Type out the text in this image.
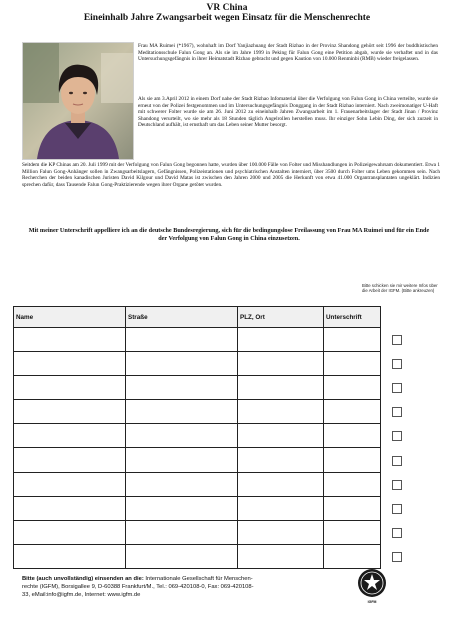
VR China
Eineinhalb Jahre Zwangsarbeit wegen Einsatz für die Menschenrechte
Frau MA Ruimei (*1967), wohnhaft im Dorf Yanjiazhuang der Stadt Rizhao in der Provinz Shandong gehört seit 1996 der buddhistischen Meditationsschule Falun Gong an. Als sie im Jahre 1999 in Peking für Falun Gong eine Petition abgab, wurde sie verhaftet und in das Untersuchungsgefängnis in ihrer Heimatstadt Rizhao gebracht und gegen Kaution von 10.000 Renminbi (RMB) wieder freigelassen.
Als sie am 3.April 2012 in einem Dorf nahe der Stadt Rizhao Infomaterial über die Verfolgung von Falun Gong in China verteilte, wurde sie erneut von der Polizei festgenommen und im Untersuchungsgefängnis Donggang in der Stadt Rizhao interniert. Nach zweimonatiger U-Haft mit schwerer Folter wurde sie am 26. Juni 2012 zu eineinhalb Jahren Zwangsarbeit im 1. Frauenarbeitslager der Stadt Jinan / Provinz Shandong verurteilt, wo sie mehr als 18 Stunden täglich Angelrollen herstellen muss. Ihr einziger Sohn Lebin Ding, der sich zurzeit in Deutschland aufhält, ist ernsthaft um das Leben seiner Mutter besorgt.
Seitdem die KP Chinas am 20. Juli 1999 mit der Verfolgung von Falun Gong begonnen hatte, wurden über 100.000 Fälle von Folter und Misshandlungen in Polizeigewahrsam dokumentiert. Etwa 1 Million Falun Gong-Anhänger sollen in Zwangsarbeitslagern, Gefängnissen, Polizeistationen und psychiatrischen Anstalten interniert, über 3500 durch Folter ums Leben gekommen sein. Nach Recherchen der beiden kanadischen Juristen David Kilgour und David Matas ist zwischen den Jahren 2000 und 2005 die Herkunft von etwa 41.000 Organtransplantaten ungeklärt. Indizien sprechen dafür, dass Tausende Falun Gong-Praktizierende wegen ihrer Organe getötet wurden.
Mit meiner Unterschrift appelliere ich an die deutsche Bundesregierung, sich für die bedingungslose Freilassung von Frau MA Ruimei und für ein Ende der Verfolgung von Falun Gong in China einzusetzen.
Bitte schicken sie mir weitere Infos über die Arbeit der IGFM. (Bitte ankreuzen)
Name	Straße	PLZ, Ort	Unterschrift

Bitte (auch unvollständig) einsenden an die: Internationale Gesellschaft für Menschen-
rechte (IGFM), Borsigallee 9, D-60388 Frankfurt/M., Tel.: 069-420108-0, Fax: 069-420108-
33, eMail:info@igfm.de, Internet: www.igfm.de
IGFM
